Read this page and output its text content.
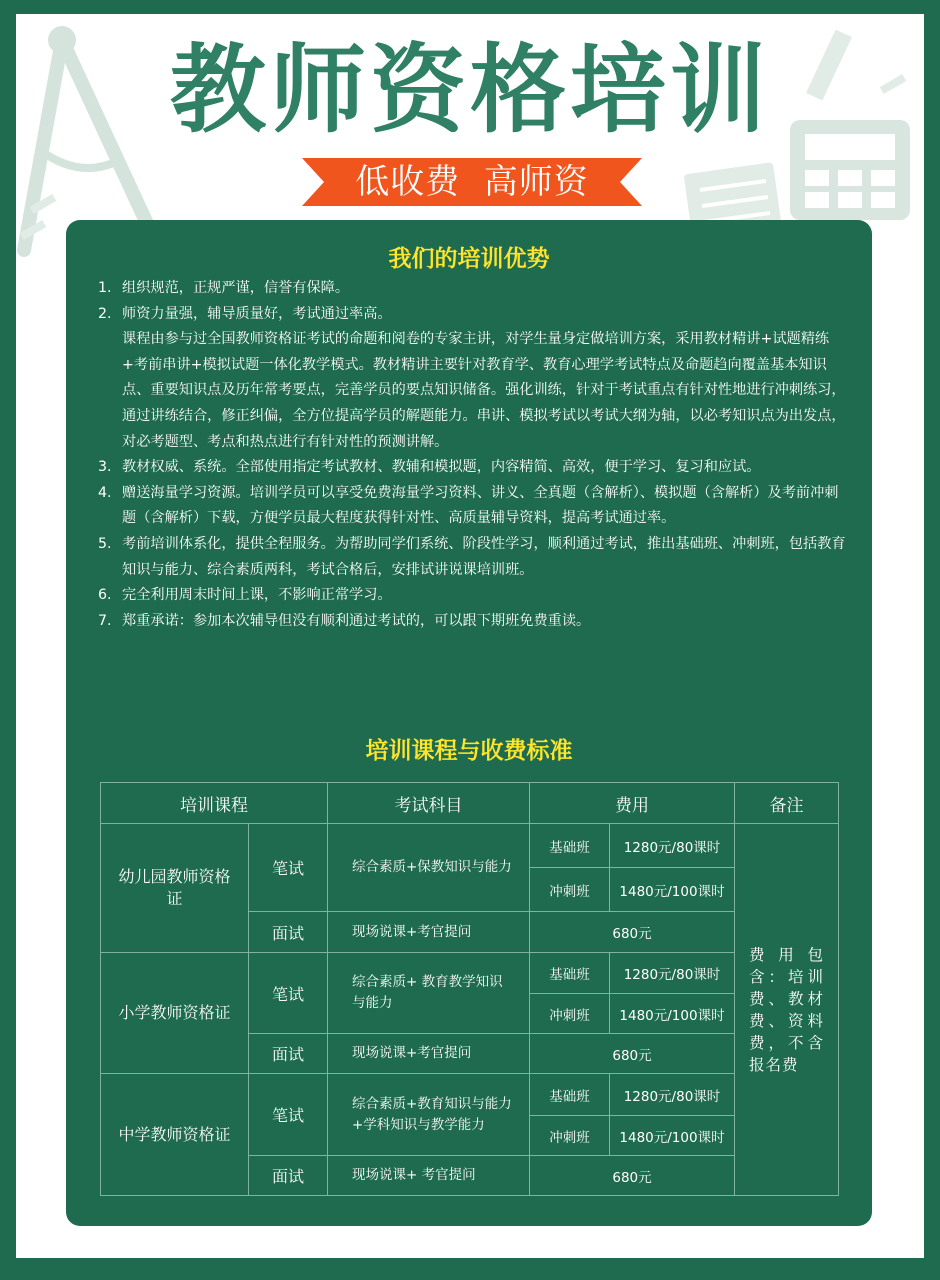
教师资格培训
低收费  高师资
我们的培训优势
1. 组织规范，正规严谨，信誉有保障。
2. 师资力量强，辅导质量好，考试通过率高。
课程由参与过全国教师资格证考试的命题和阅卷的专家主讲，对学生量身定做培训方案，采用教材精讲+试题精练+考前串讲+模拟试题一体化教学模式。教材精讲主要针对教育学、教育心理学考试特点及命题趋向覆盖基本知识点、重要知识点及历年常考要点，完善学员的要点知识储备。强化训练，针对于考试重点有针对性地进行冲刺练习，通过讲练结合，修正纠偏，全方位提高学员的解题能力。串讲、模拟考试以考试大纲为轴，以必考知识点为出发点，对必考题型、考点和热点进行有针对性的预测讲解。
3. 教材权威、系统。全部使用指定考试教材、教辅和模拟题，内容精简、高效，便于学习、复习和应试。
4. 赠送海量学习资源。培训学员可以享受免费海量学习资料、讲义、全真题（含解析）、模拟题（含解析）及考前冲刺题（含解析）下载，方便学员最大程度获得针对性、高质量辅导资料，提高考试通过率。
5. 考前培训体系化，提供全程服务。为帮助同学们系统、阶段性学习，顺利通过考试，推出基础班、冲刺班，包括教育知识与能力、综合素质两科，考试合格后，安排试讲说课培训班。
6. 完全利用周末时间上课，不影响正常学习。
7. 郑重承诺：参加本次辅导但没有顺利通过考试的，可以跟下期班免费重读。
培训课程与收费标准
培训课程		考试科目	费用		备注
幼儿园教师资格证	笔试	综合素质+保教知识与能力	基础班	1280元/80课时	费用包含：培训费、教材费、资料费，不含报名费
			冲刺班	1480元/100课时	
	面试	现场说课+考官提问	680元		
小学教师资格证	笔试	综合素质+ 教育教学知识与能力	基础班	1280元/80课时	
			冲刺班	1480元/100课时	
	面试	现场说课+考官提问	680元		
中学教师资格证	笔试	综合素质+教育知识与能力+学科知识与教学能力	基础班	1280元/80课时	
			冲刺班	1480元/100课时	
	面试	现场说课+ 考官提问	680元		
